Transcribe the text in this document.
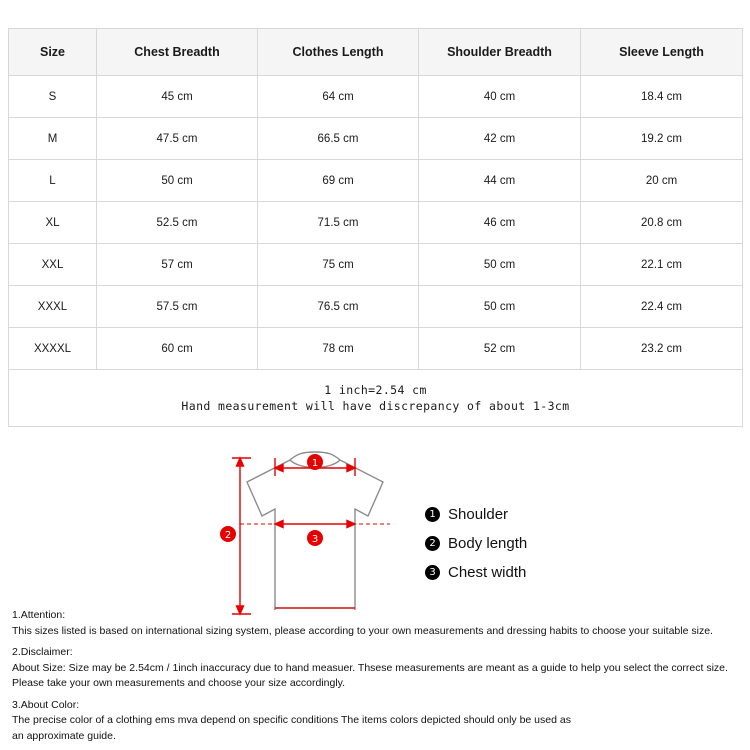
Size	Chest Breadth	Clothes Length	Shoulder Breadth	Sleeve Length
S	45 cm	64 cm	40 cm	18.4 cm
M	47.5 cm	66.5 cm	42 cm	19.2 cm
L	50 cm	69 cm	44 cm	20 cm
XL	52.5 cm	71.5 cm	46 cm	20.8 cm
XXL	57 cm	75 cm	50 cm	22.1 cm
XXXL	57.5 cm	76.5 cm	50 cm	22.4 cm
XXXXL	60 cm	78 cm	52 cm	23.2 cm

1 inch=2.54 cm
Hand measurement will have discrepancy of about 1-3cm				
1
2	3
1 Shoulder
2 Body length
3 Chest width

1.Attention:

This sizes listed is based on international sizing system, please according to your own measurements and dressing habits to choose your suitable size.

2.Disclaimer:

About Size: Size may be 2.54cm / 1inch inaccuracy due to hand measuer. Thsese measurements are meant as a guide to help you select the correct size.

Please take your own measurements and choose your size accordingly.

3.About Color:

The precise color of a clothing ems mva depend on specific conditions The items colors depicted should only be used as

an approximate guide.
